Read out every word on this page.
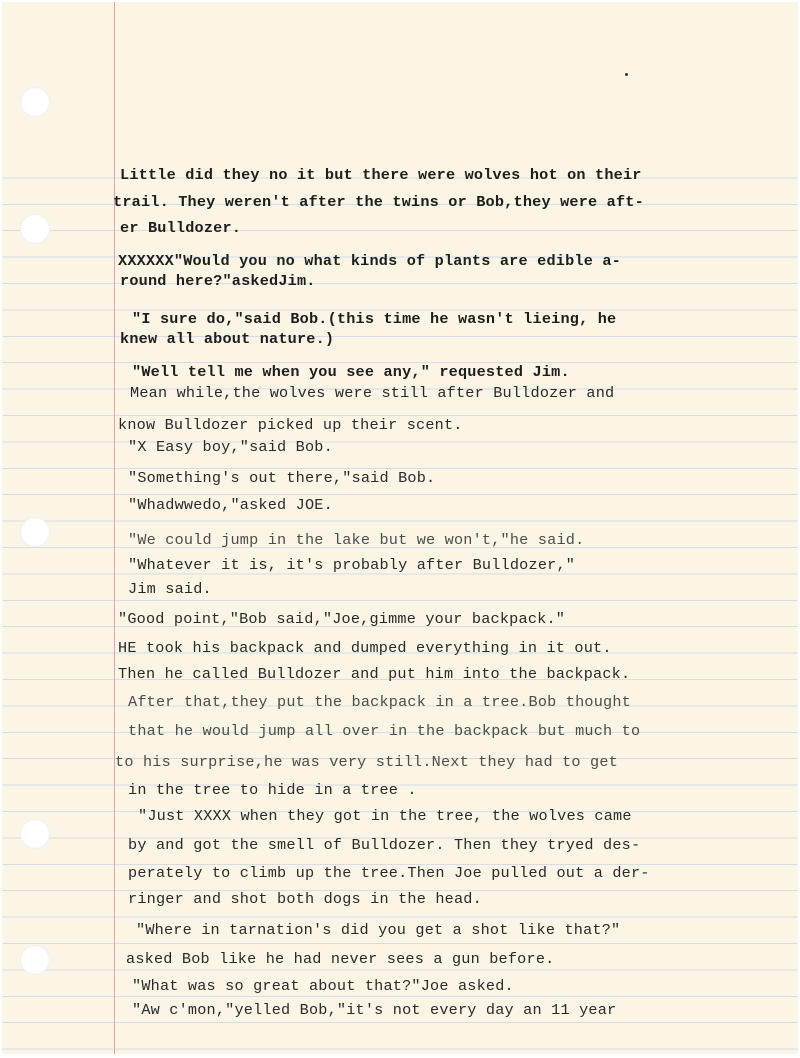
Little did they no it but there were wolves hot on their
trail. They weren't after the twins or Bob,they were aft-
er Bulldozer.
XXXXXX"Would you no what kinds of plants are edible a-
round here?"askedJim.
"I sure do,"said Bob.(this time he wasn't lieing, he
knew all about nature.)
"Well tell me when you see any," requested Jim.
Mean while,the wolves were still after Bulldozer and
know Bulldozer picked up their scent.
"X Easy boy,"said Bob.
"Something's out there,"said Bob.
"Whadwwedo,"asked JOE.
"We could jump in the lake but we won't,"he said.
"Whatever it is, it's probably after Bulldozer,"
Jim said.
"Good point,"Bob said,"Joe,gimme your backpack."
HE took his backpack and dumped everything in it out.
Then he called Bulldozer and put him into the backpack.
After that,they put the backpack in a tree.Bob thought
that he would jump all over in the backpack but much to
to his surprise,he was very still.Next they had to get
in the tree to hide in a tree .
"Just XXXX when they got in the tree, the wolves came
by and got the smell of Bulldozer. Then they tryed des-
perately to climb up the tree.Then Joe pulled out a der-
ringer and shot both dogs in the head.
"Where in tarnation's did you get a shot like that?"
asked Bob like he had never sees a gun before.
"What was so great about that?"Joe asked.
"Aw c'mon,"yelled Bob,"it's not every day an 11 year
